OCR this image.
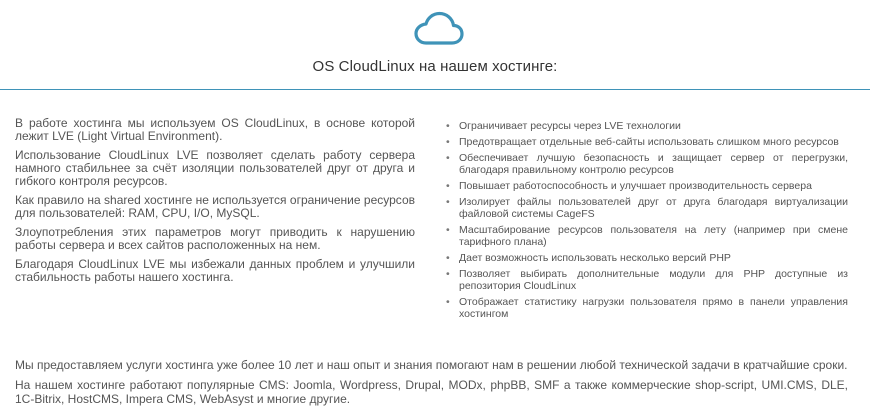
OS CloudLinux на нашем хостинге:

В работе хостинга мы используем OS CloudLinux, в основе которой лежит LVE (Light Virtual Environment).

Использование CloudLinux LVE позволяет сделать работу сервера намного стабильнее за счёт изоляции пользователей друг от друга и гибкого контроля ресурсов.

Как правило на shared хостинге не используется ограничение ресурсов для пользователей: RAM, CPU, I/O, MySQL.

Злоупотребления этих параметров могут приводить к нарушению работы сервера и всех сайтов расположенных на нем.

Благодаря CloudLinux LVE мы избежали данных проблем и улучшили стабильность работы нашего хостинга.

• Ограничивает ресурсы через LVE технологии
• Предотвращает отдельные веб-сайты использовать слишком много ресурсов
• Обеспечивает лучшую безопасность и защищает сервер от перегрузки, благодаря правильному контролю ресурсов
• Повышает работоспособность и улучшает производительность сервера
• Изолирует файлы пользователей друг от друга благодаря виртуализации файловой системы CageFS
• Масштабирование ресурсов пользователя на лету (например при смене тарифного плана)
• Дает возможность использовать несколько версий PHP
• Позволяет выбирать дополнительные модули для PHP доступные из репозитория CloudLinux
• Отображает статистику нагрузки пользователя прямо в панели управления хостингом

Мы предоставляем услуги хостинга уже более 10 лет и наш опыт и знания помогают нам в решении любой технической задачи в кратчайшие сроки.

На нашем хостинге работают популярные CMS: Joomla, Wordpress, Drupal, MODx, phpBB, SMF а также коммерческие shop-script, UMI.CMS, DLE, 1C-Bitrix, HostCMS, Impera CMS, WebAsyst и многие другие.
